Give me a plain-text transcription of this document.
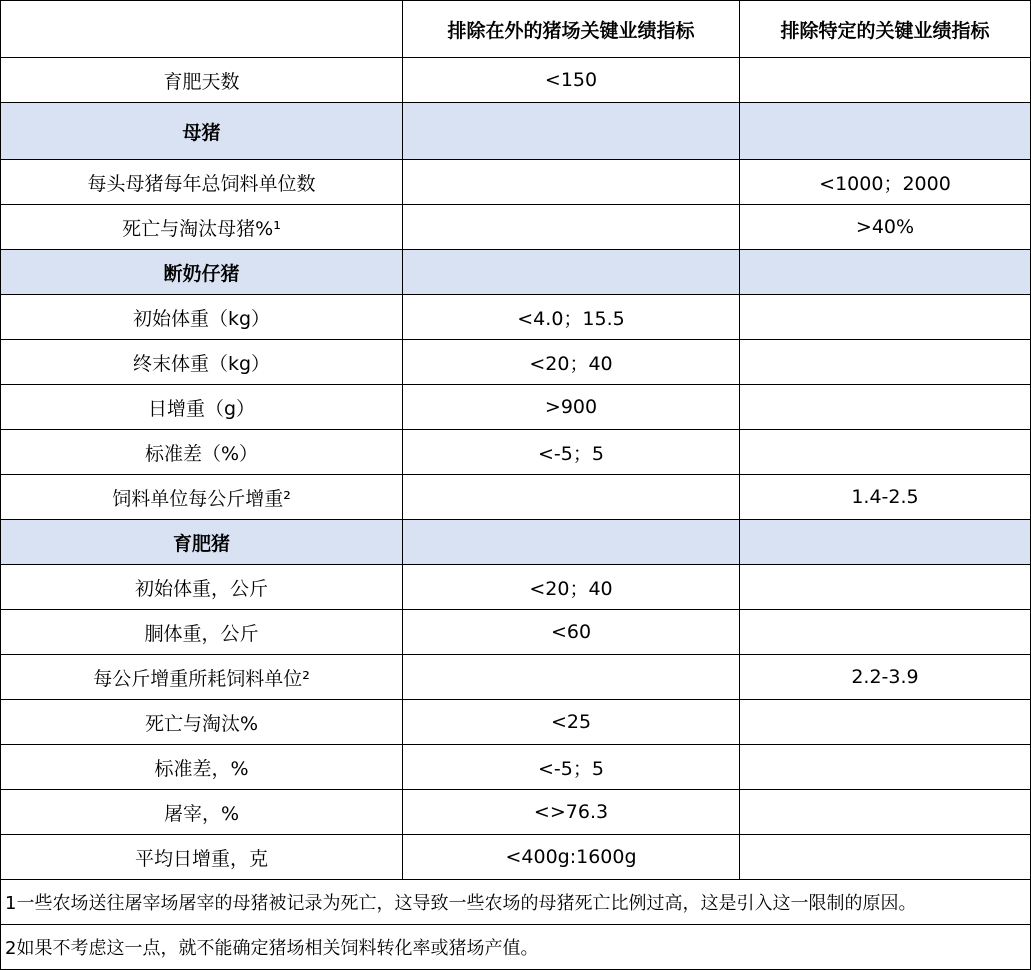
	排除在外的猪场关键业绩指标	排除特定的关键业绩指标
育肥天数	<150	
母猪		
每头母猪每年总饲料单位数		<1000；2000
死亡与淘汰母猪%¹		>40%
断奶仔猪		
初始体重（kg）	<4.0；15.5	
终末体重（kg）	<20；40	
日增重（g）	>900	
标准差（%）	<-5；5	
饲料单位每公斤增重²		1.4-2.5
育肥猪		
初始体重，公斤	<20；40	
胴体重，公斤	<60	
每公斤增重所耗饲料单位²		2.2-3.9
死亡与淘汰%	<25	
标准差，%	<-5；5	
屠宰，%	<>76.3	
平均日增重，克	<400g:1600g	
1一些农场送往屠宰场屠宰的母猪被记录为死亡，这导致一些农场的母猪死亡比例过高，这是引入这一限制的原因。		
2如果不考虑这一点，就不能确定猪场相关饲料转化率或猪场产值。		
